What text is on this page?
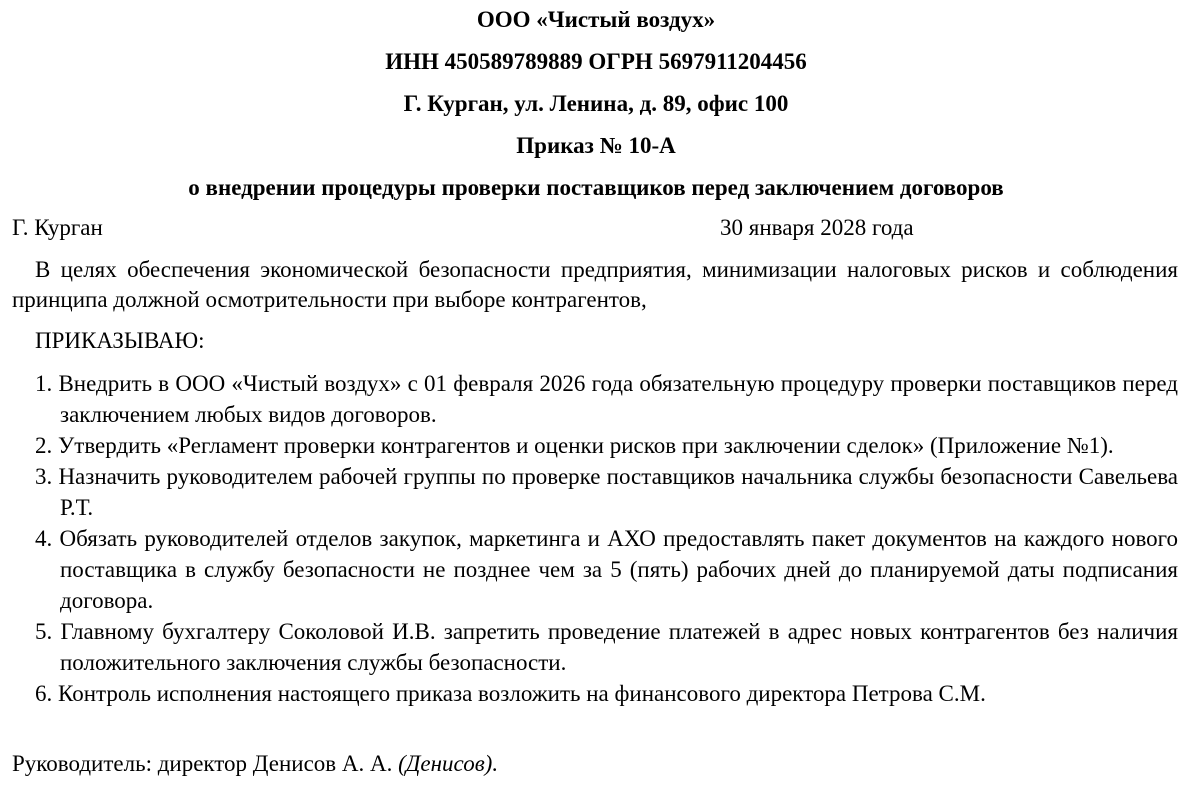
ООО «Чистый воздух»
ИНН 450589789889 ОГРН 5697911204456
Г. Курган, ул. Ленина, д. 89, офис 100
Приказ № 10-А
о внедрении процедуры проверки поставщиков перед заключением договоров
Г. Курган	30 января 2028 года
В целях обеспечения экономической безопасности предприятия, минимизации налоговых рисков и соблюдения принципа должной осмотрительности при выборе контрагентов,
ПРИКАЗЫВАЮ:
1. Внедрить в ООО «Чистый воздух» с 01 февраля 2026 года обязательную процедуру проверки поставщиков перед заключением любых видов договоров.
2. Утвердить «Регламент проверки контрагентов и оценки рисков при заключении сделок» (Приложение №1).
3. Назначить руководителем рабочей группы по проверке поставщиков начальника службы безопасности Савельева Р.Т.
4. Обязать руководителей отделов закупок, маркетинга и АХО предоставлять пакет документов на каждого нового поставщика в службу безопасности не позднее чем за 5 (пять) рабочих дней до планируемой даты подписания договора.
5. Главному бухгалтеру Соколовой И.В. запретить проведение платежей в адрес новых контрагентов без наличия положительного заключения службы безопасности.
6. Контроль исполнения настоящего приказа возложить на финансового директора Петрова С.М.
Руководитель: директор Денисов А. А. (Денисов).
